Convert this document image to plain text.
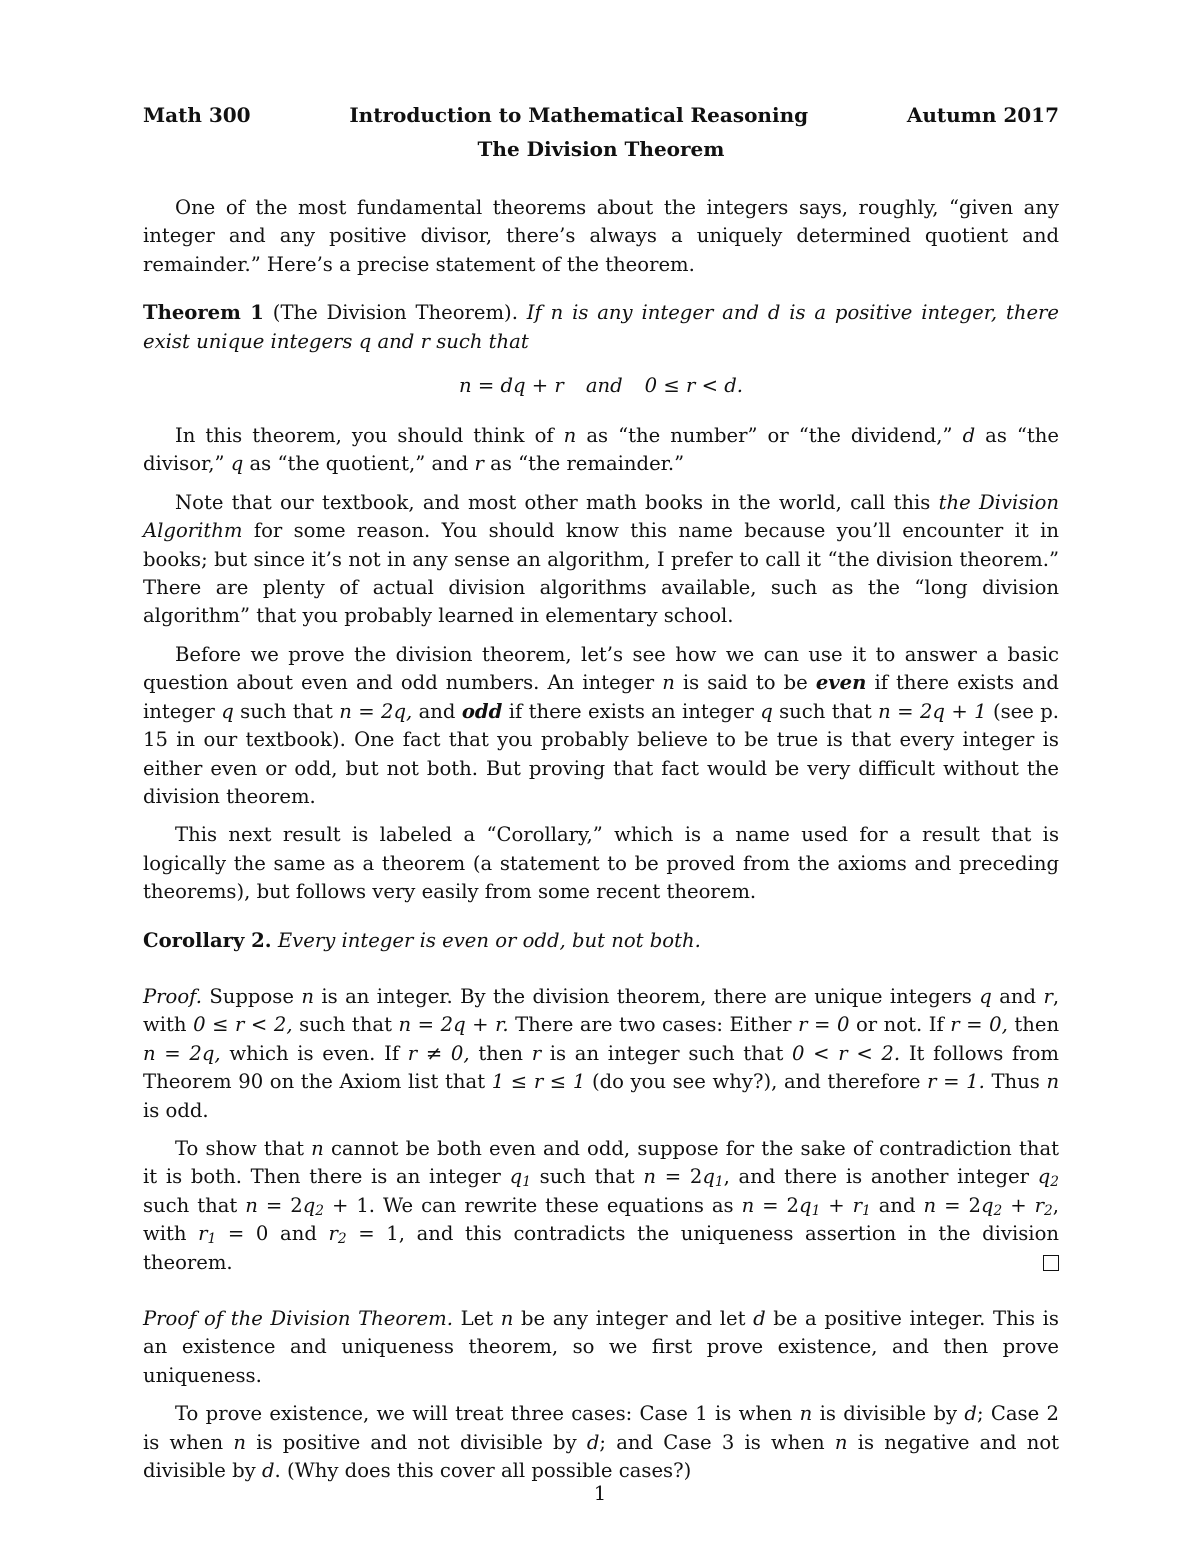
Math 300	Introduction to Mathematical Reasoning	Autumn 2017
The Division Theorem

One of the most fundamental theorems about the integers says, roughly, “given any integer and any positive divisor, there’s always a uniquely determined quotient and remainder.” Here’s a precise statement of the theorem.

Theorem 1 (The Division Theorem). If n is any integer and d is a positive integer, there exist unique integers q and r such that

n = dq + r and 0 ≤ r < d.

In this theorem, you should think of n as “the number” or “the dividend,” d as “the divisor,” q as “the quotient,” and r as “the remainder.”

Note that our textbook, and most other math books in the world, call this the Division Algorithm for some reason. You should know this name because you’ll encounter it in books; but since it’s not in any sense an algorithm, I prefer to call it “the division theorem.” There are plenty of actual division algorithms available, such as the “long division algorithm” that you probably learned in elementary school.

Before we prove the division theorem, let’s see how we can use it to answer a basic question about even and odd numbers. An integer n is said to be even if there exists and integer q such that n = 2q, and odd if there exists an integer q such that n = 2q + 1 (see p. 15 in our textbook). One fact that you probably believe to be true is that every integer is either even or odd, but not both. But proving that fact would be very difficult without the division theorem.

This next result is labeled a “Corollary,” which is a name used for a result that is logically the same as a theorem (a statement to be proved from the axioms and preceding theorems), but follows very easily from some recent theorem.

Corollary 2. Every integer is even or odd, but not both.

Proof. Suppose n is an integer. By the division theorem, there are unique integers q and r, with 0 ≤ r < 2, such that n = 2q + r. There are two cases: Either r = 0 or not. If r = 0, then n = 2q, which is even. If r ≠ 0, then r is an integer such that 0 < r < 2. It follows from Theorem 90 on the Axiom list that 1 ≤ r ≤ 1 (do you see why?), and therefore r = 1. Thus n is odd.

To show that n cannot be both even and odd, suppose for the sake of contradiction that it is both. Then there is an integer $q_1$ such that $n = 2q_1$, and there is another integer $q_2$ such that $n = 2q_2 + 1$. We can rewrite these equations as $n = 2q_1 + r_1$ and $n = 2q_2 + r_2$, with $r_1 = 0$ and $r_2 = 1$, and this contradicts the uniqueness assertion in the division theorem.

Proof of the Division Theorem. Let n be any integer and let d be a positive integer. This is an existence and uniqueness theorem, so we first prove existence, and then prove uniqueness.

To prove existence, we will treat three cases: Case 1 is when n is divisible by d; Case 2 is when n is positive and not divisible by d; and Case 3 is when n is negative and not divisible by d. (Why does this cover all possible cases?)

1
